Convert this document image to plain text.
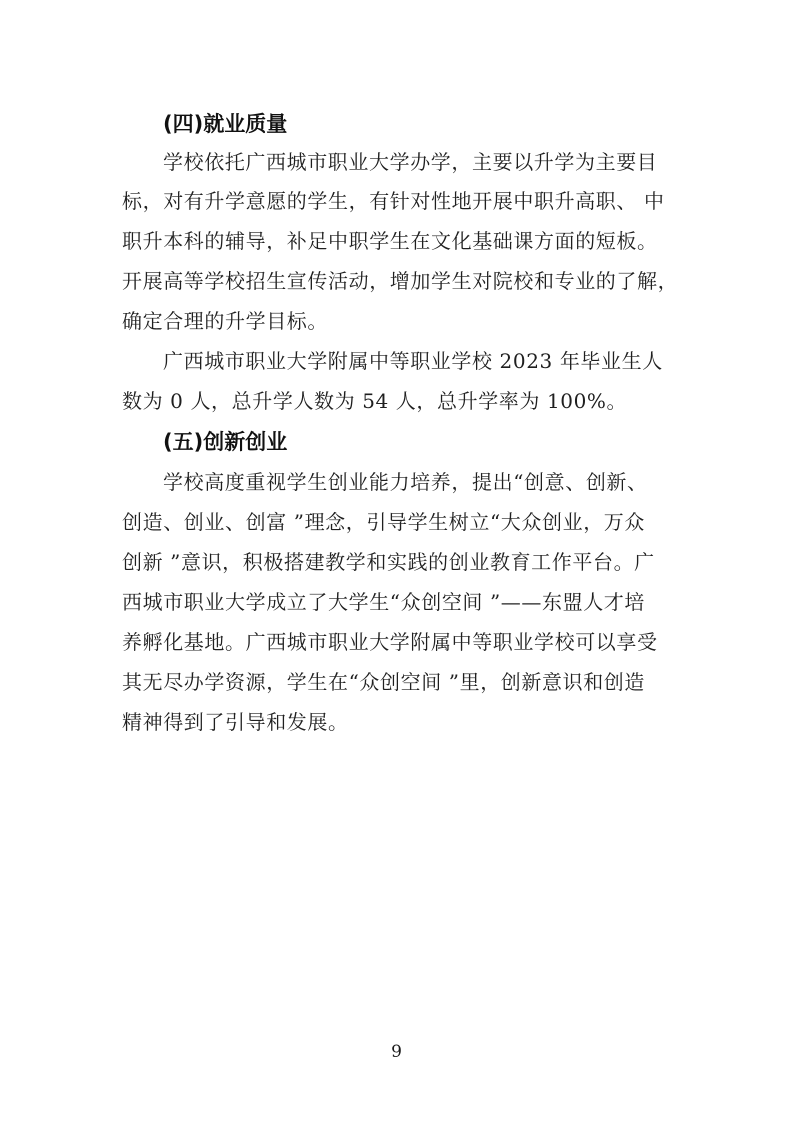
(四)就业质量
学校依托广西城市职业大学办学，主要以升学为主要目
标，对有升学意愿的学生，有针对性地开展中职升高职、 中
职升本科的辅导，补足中职学生在文化基础课方面的短板。
开展高等学校招生宣传活动，增加学生对院校和专业的了解，
确定合理的升学目标。
广西城市职业大学附属中等职业学校 2023 年毕业生人
数为 0 人，总升学人数为 54 人，总升学率为 100%。
(五)创新创业
学校高度重视学生创业能力培养，提出“创意、创新、
创造、创业、创富 ”理念，引导学生树立“大众创业，万众
创新 ”意识，积极搭建教学和实践的创业教育工作平台。广
西城市职业大学成立了大学生“众创空间 ”——东盟人才培
养孵化基地。广西城市职业大学附属中等职业学校可以享受
其无尽办学资源，学生在“众创空间 ”里，创新意识和创造
精神得到了引导和发展。
9
